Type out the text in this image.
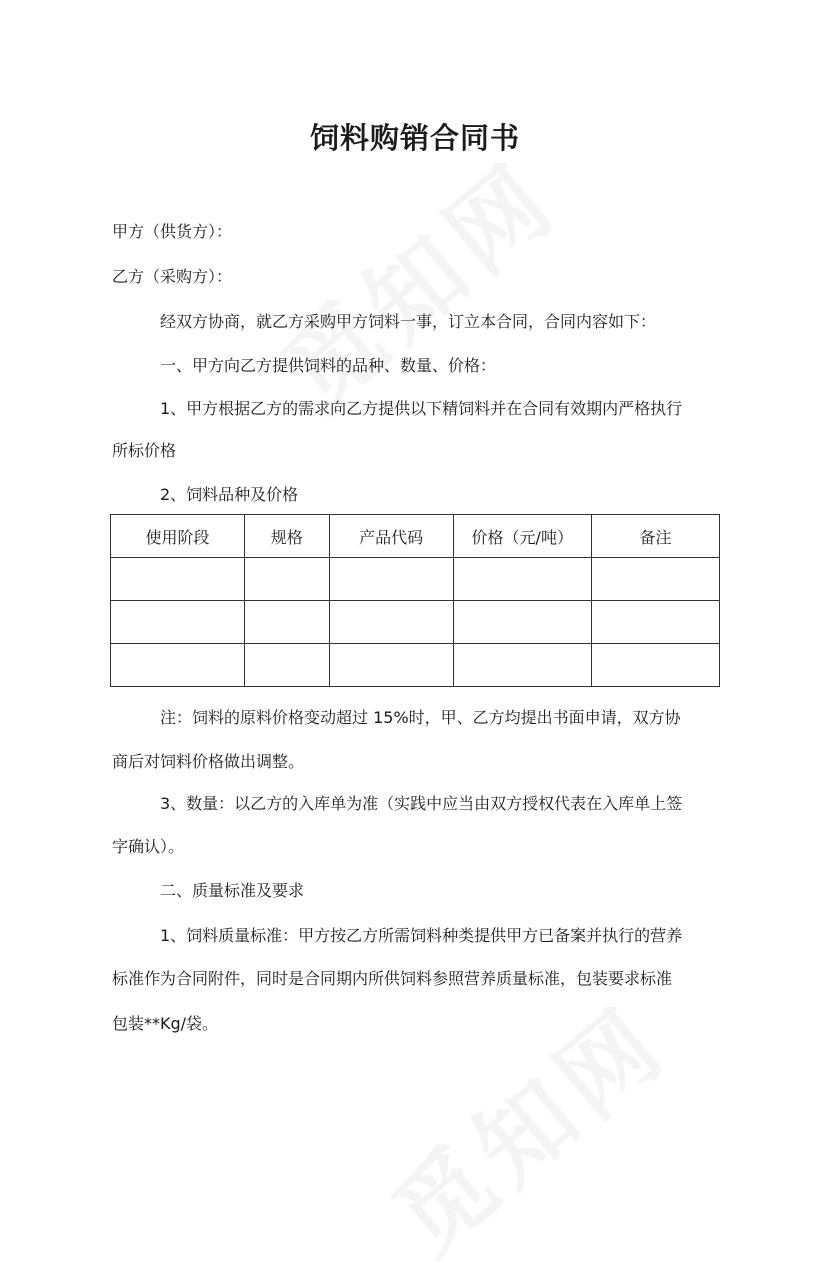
饲料购销合同书
甲方（供货方）：
乙方（采购方）：
经双方协商，就乙方采购甲方饲料一事，订立本合同，合同内容如下：
一、甲方向乙方提供饲料的品种、数量、价格：
1、甲方根据乙方的需求向乙方提供以下精饲料并在合同有效期内严格执行
所标价格
2、饲料品种及价格
使用阶段	规格	产品代码	价格（元/吨）	备注

注：饲料的原料价格变动超过 15%时，甲、乙方均提出书面申请，双方协
商后对饲料价格做出调整。
3、数量：以乙方的入库单为准（实践中应当由双方授权代表在入库单上签
字确认）。
二、质量标准及要求
1、饲料质量标准：甲方按乙方所需饲料种类提供甲方已备案并执行的营养
标准作为合同附件，同时是合同期内所供饲料参照营养质量标准，包装要求标准
包装**Kg/袋。
